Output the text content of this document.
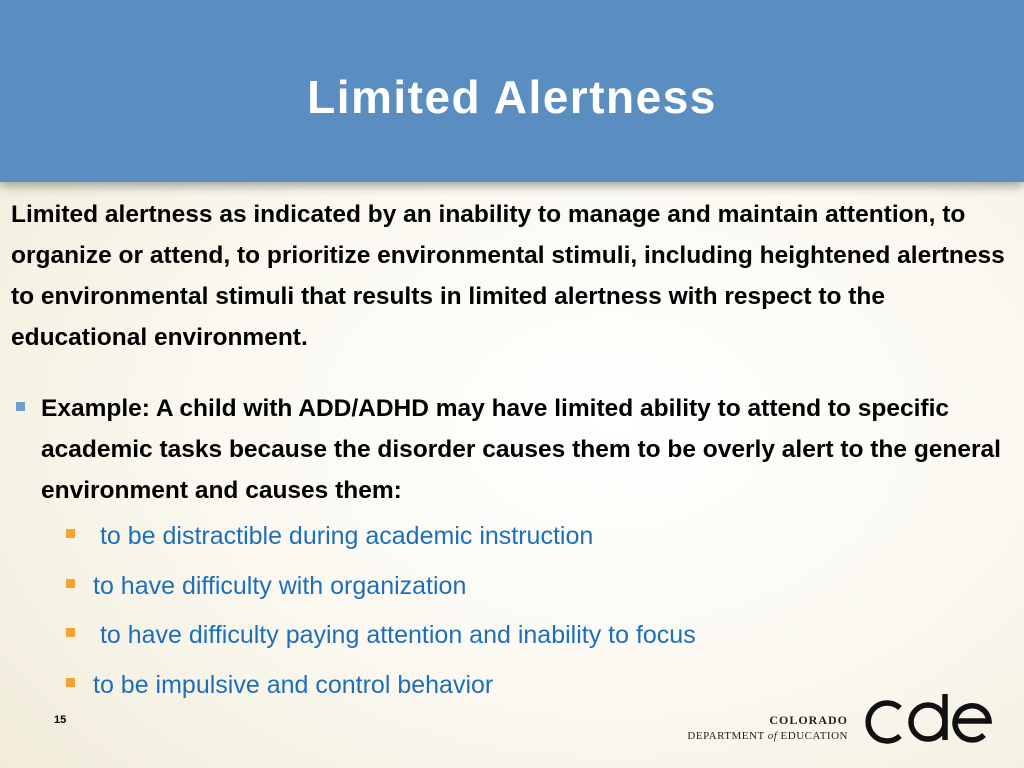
Limited Alertness
Limited alertness as indicated by an inability to manage and maintain attention, to organize or attend, to prioritize environmental stimuli, including heightened alertness to environmental stimuli that results in limited alertness with respect to the educational environment.
Example: A child with ADD/ADHD may have limited ability to attend to specific academic tasks because the disorder causes them to be overly alert to the general environment and causes them:
to be distractible during academic instruction
to have difficulty with organization
to have difficulty paying attention and inability to focus
to be impulsive and control behavior
15	COLORADO
DEPARTMENT of EDUCATION
